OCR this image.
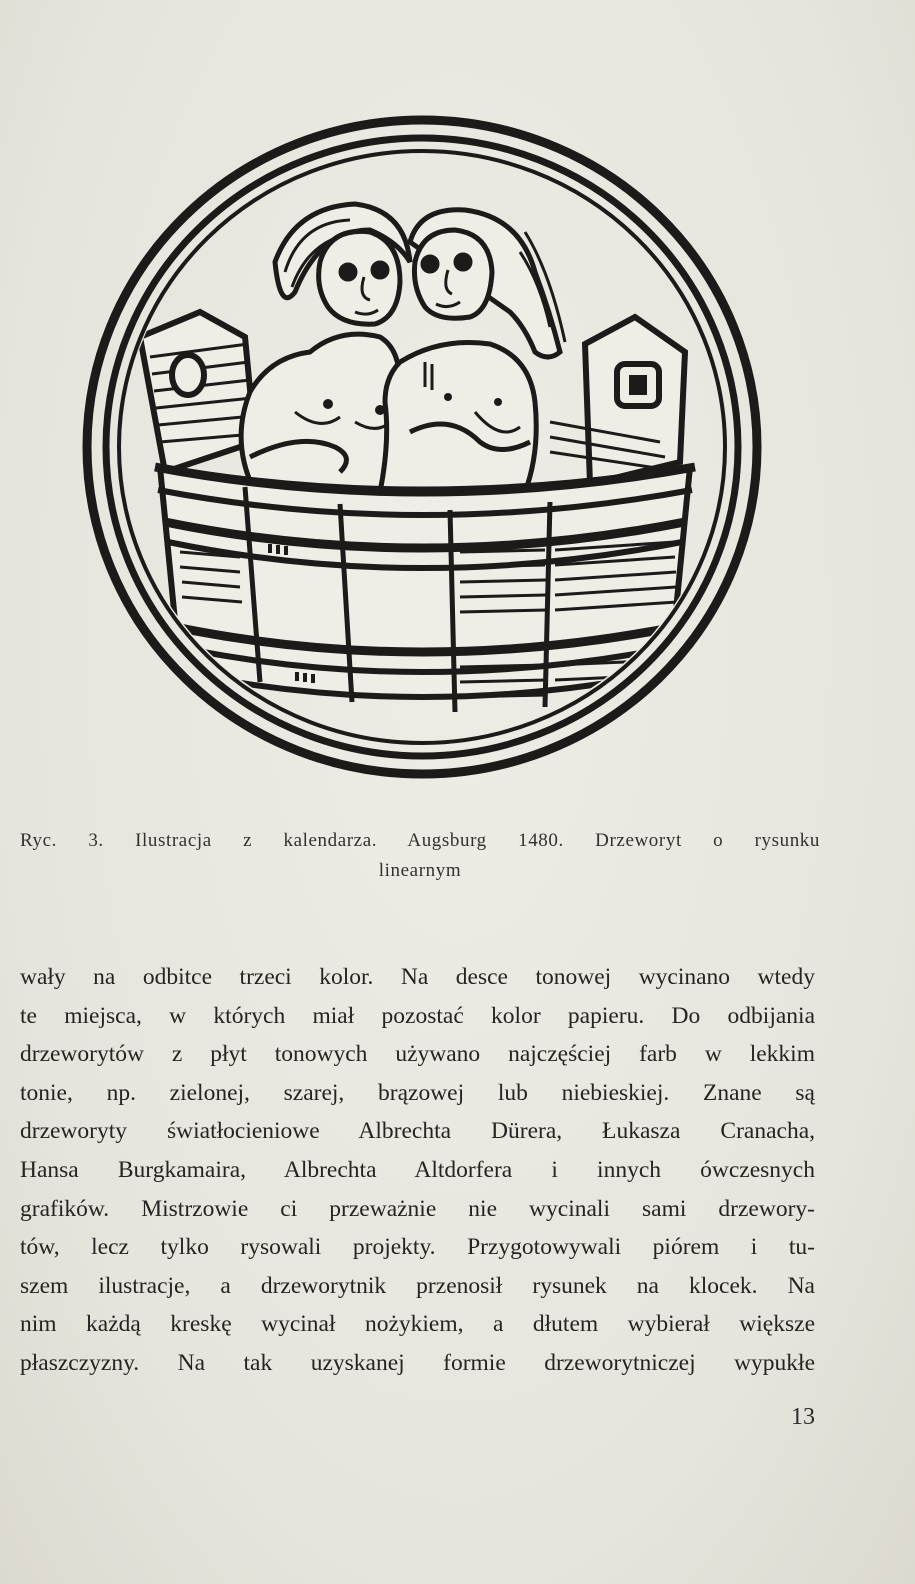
Ryc. 3. Ilustracja z kalendarza. Augsburg 1480. Drzeworyt o rysunku
linearnym
wały na odbitce trzeci kolor. Na desce tonowej wycinano wtedy
te miejsca, w których miał pozostać kolor papieru. Do odbijania
drzeworytów z płyt tonowych używano najczęściej farb w lekkim
tonie, np. zielonej, szarej, brązowej lub niebieskiej. Znane są
drzeworyty światłocieniowe Albrechta Dürera, Łukasza Cranacha,
Hansa Burgkamaira, Albrechta Altdorfera i innych ówczesnych
grafików. Mistrzowie ci przeważnie nie wycinali sami drzewory-
tów, lecz tylko rysowali projekty. Przygotowywali piórem i tu-
szem ilustracje, a drzeworytnik przenosił rysunek na klocek. Na
nim każdą kreskę wycinał nożykiem, a dłutem wybierał większe
płaszczyzny. Na tak uzyskanej formie drzeworytniczej wypukłe
13
